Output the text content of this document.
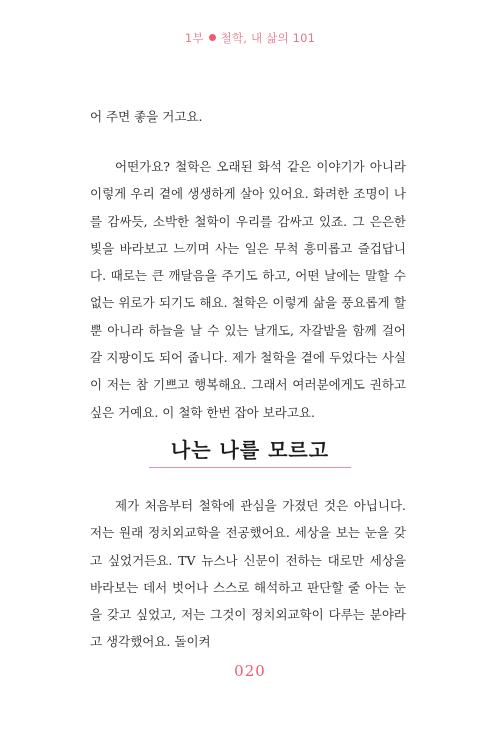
1부 철학, 내 삶의 101

어 주면 좋을 거고요.

어떤가요? 철학은 오래된 화석 같은 이야기가 아니라 이렇게 우리 곁에 생생하게 살아 있어요. 화려한 조명이 나를 감싸듯, 소박한 철학이 우리를 감싸고 있죠. 그 은은한 빛을 바라보고 느끼며 사는 일은 무척 흥미롭고 즐겁답니다. 때로는 큰 깨달음을 주기도 하고, 어떤 날에는 말할 수 없는 위로가 되기도 해요. 철학은 이렇게 삶을 풍요롭게 할 뿐 아니라 하늘을 날 수 있는 날개도, 자갈밭을 함께 걸어갈 지팡이도 되어 줍니다. 제가 철학을 곁에 두었다는 사실이 저는 참 기쁘고 행복해요. 그래서 여러분에게도 권하고 싶은 거예요. 이 철학 한번 잡아 보라고요.

나는 나를 모르고

제가 처음부터 철학에 관심을 가졌던 것은 아닙니다. 저는 원래 정치외교학을 전공했어요. 세상을 보는 눈을 갖고 싶었거든요. TV 뉴스나 신문이 전하는 대로만 세상을 바라보는 데서 벗어나 스스로 해석하고 판단할 줄 아는 눈을 갖고 싶었고, 저는 그것이 정치외교학이 다루는 분야라고 생각했어요. 돌이켜

020
